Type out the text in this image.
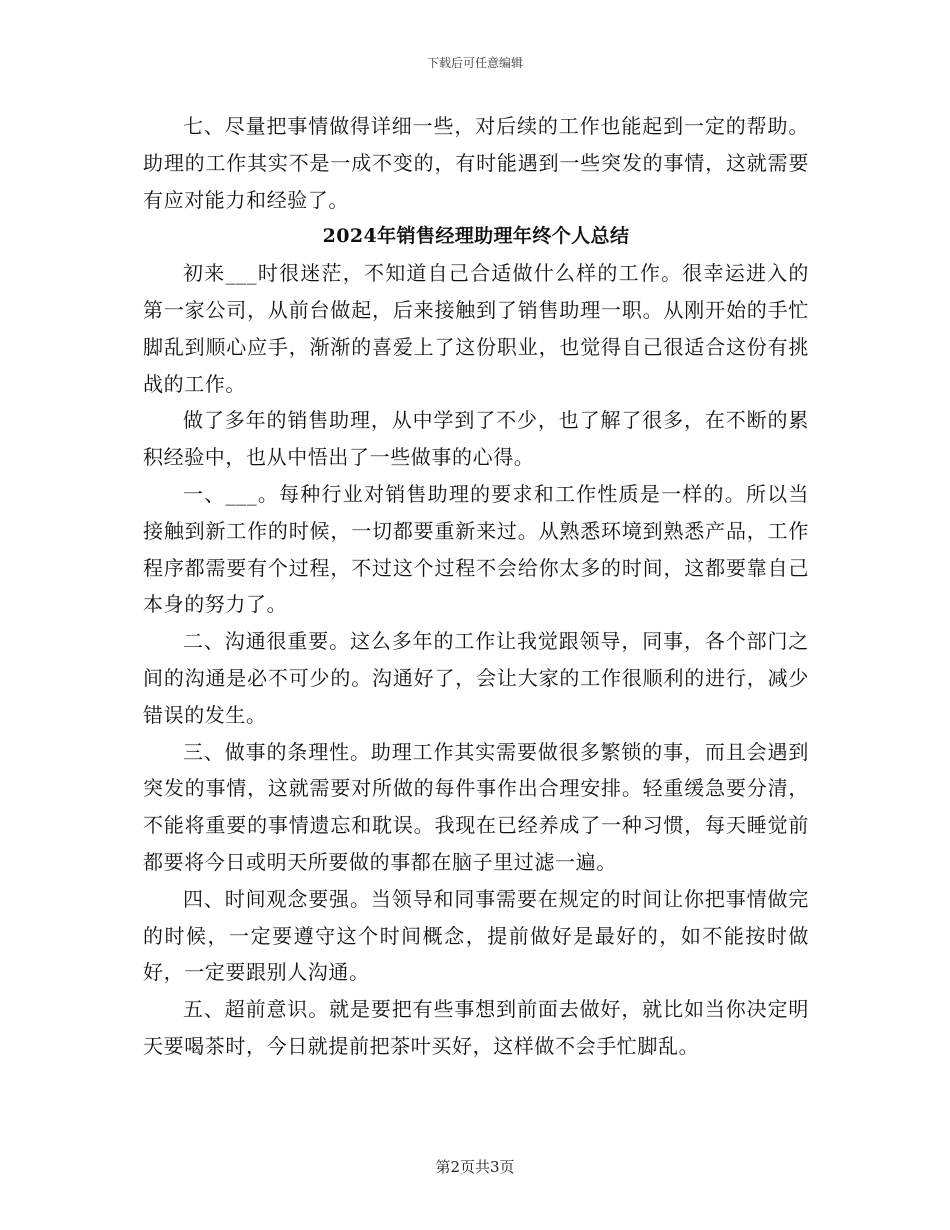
下载后可任意编辑

七、尽量把事情做得详细一些，对后续的工作也能起到一定的帮助。助理的工作其实不是一成不变的，有时能遇到一些突发的事情，这就需要有应对能力和经验了。

2024年销售经理助理年终个人总结

初来___时很迷茫，不知道自己合适做什么样的工作。很幸运进入的第一家公司，从前台做起，后来接触到了销售助理一职。从刚开始的手忙脚乱到顺心应手，渐渐的喜爱上了这份职业，也觉得自己很适合这份有挑战的工作。

做了多年的销售助理，从中学到了不少，也了解了很多，在不断的累积经验中，也从中悟出了一些做事的心得。

一、___。每种行业对销售助理的要求和工作性质是一样的。所以当接触到新工作的时候，一切都要重新来过。从熟悉环境到熟悉产品，工作程序都需要有个过程，不过这个过程不会给你太多的时间，这都要靠自己本身的努力了。

二、沟通很重要。这么多年的工作让我觉跟领导，同事，各个部门之间的沟通是必不可少的。沟通好了，会让大家的工作很顺利的进行，减少错误的发生。

三、做事的条理性。助理工作其实需要做很多繁锁的事，而且会遇到突发的事情，这就需要对所做的每件事作出合理安排。轻重缓急要分清，不能将重要的事情遗忘和耽误。我现在已经养成了一种习惯，每天睡觉前都要将今日或明天所要做的事都在脑子里过滤一遍。

四、时间观念要强。当领导和同事需要在规定的时间让你把事情做完的时候，一定要遵守这个时间概念，提前做好是最好的，如不能按时做好，一定要跟别人沟通。

五、超前意识。就是要把有些事想到前面去做好，就比如当你决定明天要喝茶时，今日就提前把茶叶买好，这样做不会手忙脚乱。

第2页共3页
